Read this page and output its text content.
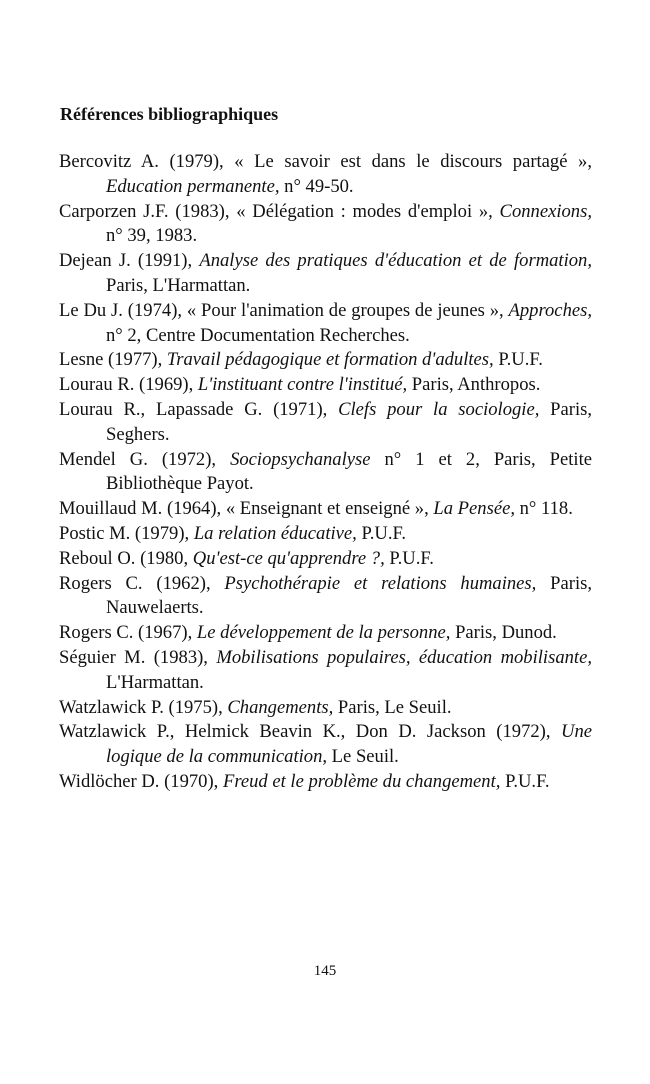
Références bibliographiques
Bercovitz A. (1979), « Le savoir est dans le discours partagé », Education permanente, n° 49-50.
Carporzen J.F. (1983), « Délégation : modes d'emploi », Connexions, n° 39, 1983.
Dejean J. (1991), Analyse des pratiques d'éducation et de formation, Paris, L'Harmattan.
Le Du J. (1974), « Pour l'animation de groupes de jeunes », Approches, n° 2, Centre Documentation Recherches.
Lesne (1977), Travail pédagogique et formation d'adultes, P.U.F.
Lourau R. (1969), L'instituant contre l'institué, Paris, Anthropos.
Lourau R., Lapassade G. (1971), Clefs pour la sociologie, Paris, Seghers.
Mendel G. (1972), Sociopsychanalyse n° 1 et 2, Paris, Petite Bibliothèque Payot.
Mouillaud M. (1964), « Enseignant et enseigné », La Pensée, n° 118.
Postic M. (1979), La relation éducative, P.U.F.
Reboul O. (1980, Qu'est-ce qu'apprendre ?, P.U.F.
Rogers C. (1962), Psychothérapie et relations humaines, Paris, Nauwelaerts.
Rogers C. (1967), Le développement de la personne, Paris, Dunod.
Séguier M. (1983), Mobilisations populaires, éducation mobilisante, L'Harmattan.
Watzlawick P. (1975), Changements, Paris, Le Seuil.
Watzlawick P., Helmick Beavin K., Don D. Jackson (1972), Une logique de la communication, Le Seuil.
Widlöcher D. (1970), Freud et le problème du changement, P.U.F.
145
